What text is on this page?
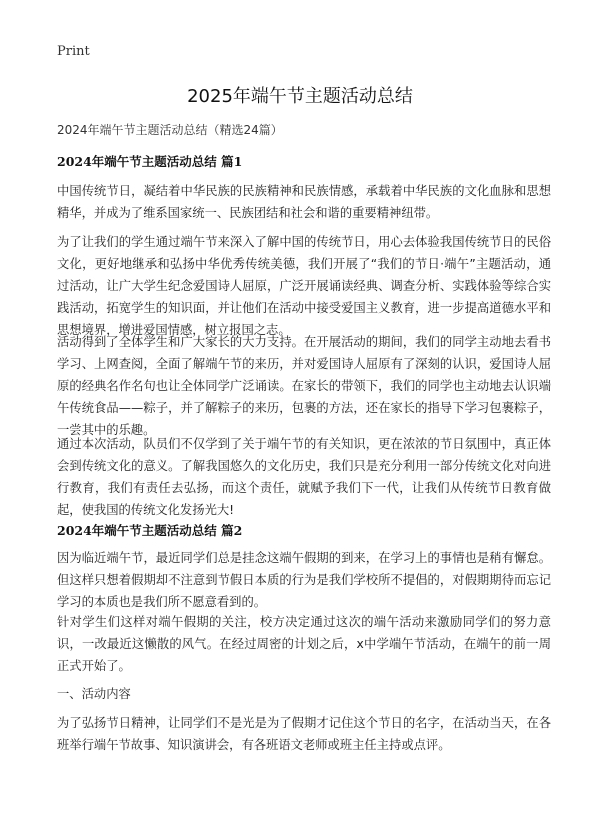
Print
2025年端午节主题活动总结
2024年端午节主题活动总结（精选24篇）
2024年端午节主题活动总结 篇1

中国传统节日，凝结着中华民族的民族精神和民族情感，承载着中华民族的文化血脉和思想精华，并成为了维系国家统一、民族团结和社会和谐的重要精神纽带。

为了让我们的学生通过端午节来深入了解中国的传统节日，用心去体验我国传统节日的民俗文化，更好地继承和弘扬中华优秀传统美德，我们开展了“我们的节日·端午”主题活动，通过活动，让广大学生纪念爱国诗人屈原，广泛开展诵读经典、调查分析、实践体验等综合实践活动，拓宽学生的知识面，并让他们在活动中接受爱国主义教育，进一步提高道德水平和思想境界，增进爱国情感，树立报国之志。

活动得到了全体学生和广大家长的大力支持。在开展活动的期间，我们的同学主动地去看书学习、上网查阅，全面了解端午节的来历，并对爱国诗人屈原有了深刻的认识，爱国诗人屈原的经典名作名句也让全体同学广泛诵读。在家长的带领下，我们的同学也主动地去认识端午传统食品——粽子，并了解粽子的来历，包裹的方法，还在家长的指导下学习包裹粽子，一尝其中的乐趣。

通过本次活动，队员们不仅学到了关于端午节的有关知识，更在浓浓的节日氛围中，真正体会到传统文化的意义。了解我国悠久的文化历史，我们只是充分利用一部分传统文化对向进行教育，我们有责任去弘扬，而这个责任，就赋予我们下一代，让我们从传统节日教育做起，使我国的传统文化发扬光大!

2024年端午节主题活动总结 篇2

因为临近端午节，最近同学们总是挂念这端午假期的到来，在学习上的事情也是稍有懈怠。但这样只想着假期却不注意到节假日本质的行为是我们学校所不提倡的，对假期期待而忘记学习的本质也是我们所不愿意看到的。

针对学生们这样对端午假期的关注，校方决定通过这次的端午活动来激励同学们的努力意识，一改最近这懒散的风气。在经过周密的计划之后，x中学端午节活动，在端午的前一周正式开始了。

一、活动内容

为了弘扬节日精神，让同学们不是光是为了假期才记住这个节日的名字，在活动当天，在各班举行端午节故事、知识演讲会，有各班语文老师或班主任主持或点评。
